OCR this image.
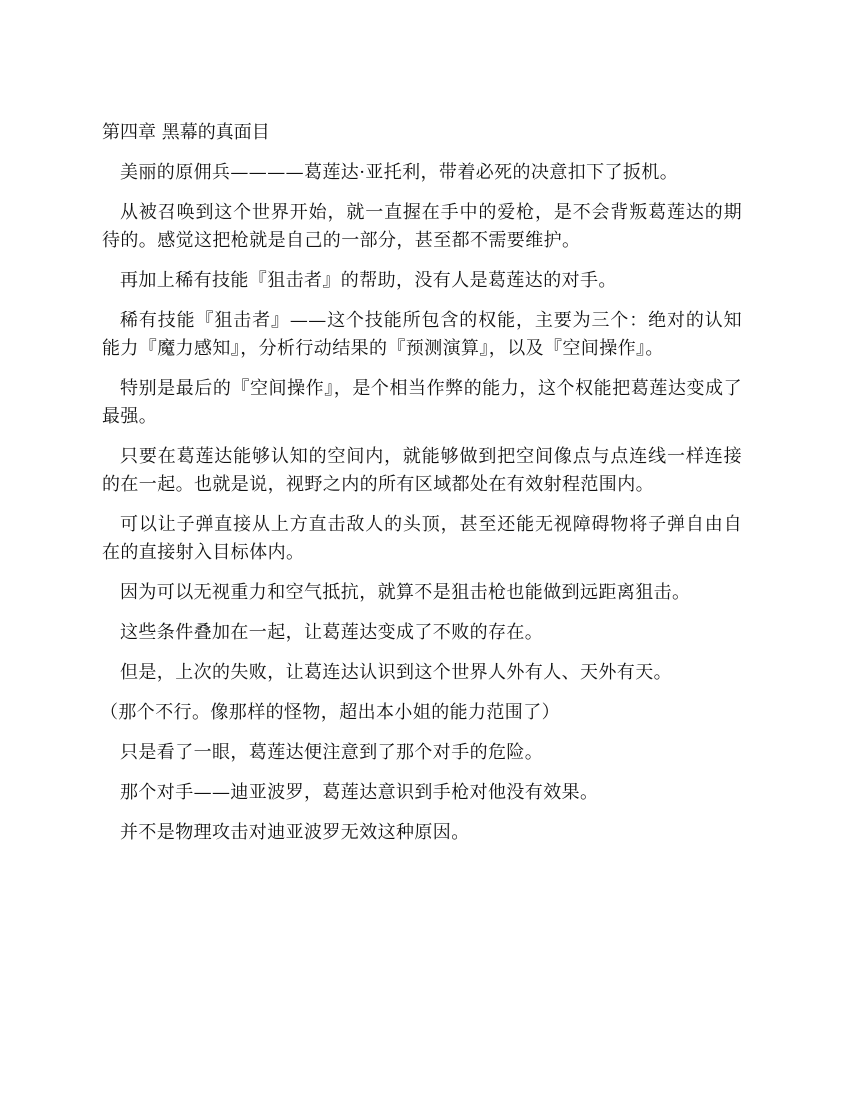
第四章 黑幕的真面目

美丽的原佣兵————葛莲达·亚托利，带着必死的决意扣下了扳机。

从被召唤到这个世界开始，就一直握在手中的爱枪，是不会背叛葛莲达的期待的。感觉这把枪就是自己的一部分，甚至都不需要维护。

再加上稀有技能『狙击者』的帮助，没有人是葛莲达的对手。

稀有技能『狙击者』——这个技能所包含的权能，主要为三个：绝对的认知能力『魔力感知』，分析行动结果的『预测演算』，以及『空间操作』。

特别是最后的『空间操作』，是个相当作弊的能力，这个权能把葛莲达变成了最强。

只要在葛莲达能够认知的空间内，就能够做到把空间像点与点连线一样连接的在一起。也就是说，视野之内的所有区域都处在有效射程范围内。

可以让子弹直接从上方直击敌人的头顶，甚至还能无视障碍物将子弹自由自在的直接射入目标体内。

因为可以无视重力和空气抵抗，就算不是狙击枪也能做到远距离狙击。

这些条件叠加在一起，让葛莲达变成了不败的存在。

但是，上次的失败，让葛连达认识到这个世界人外有人、天外有天。

（那个不行。像那样的怪物，超出本小姐的能力范围了）

只是看了一眼，葛莲达便注意到了那个对手的危险。

那个对手——迪亚波罗，葛莲达意识到手枪对他没有效果。

并不是物理攻击对迪亚波罗无效这种原因。
